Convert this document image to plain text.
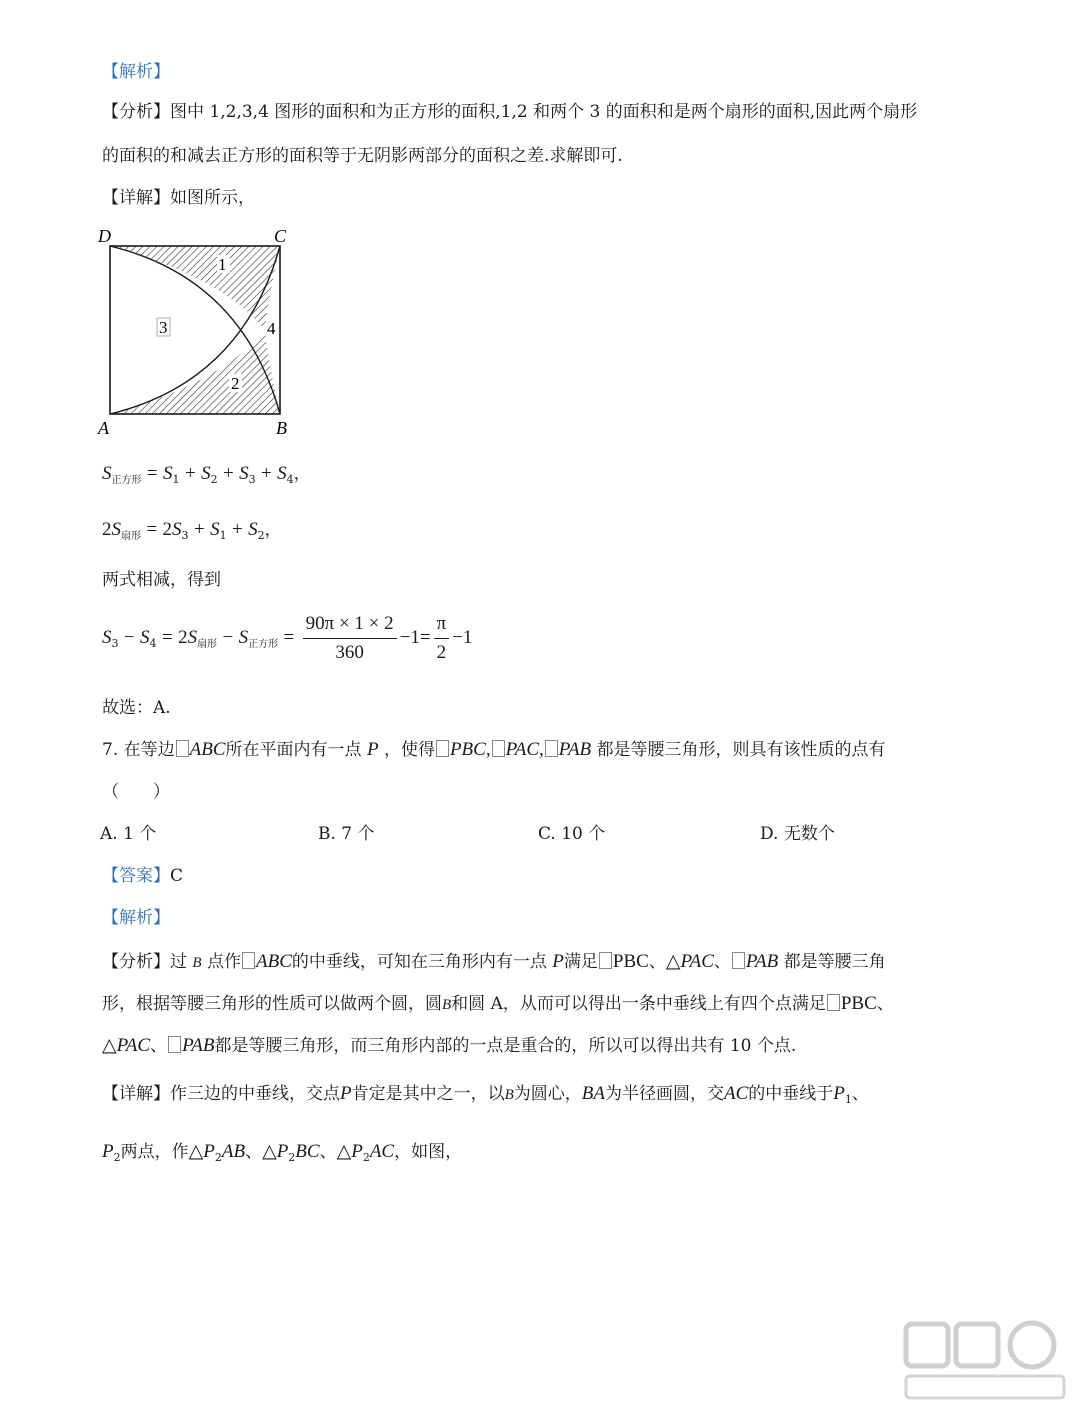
【解析】
【分析】图中 1,2,3,4 图形的面积和为正方形的面积,1,2 和两个 3 的面积和是两个扇形的面积,因此两个扇形
的面积的和减去正方形的面积等于无阴影两部分的面积之差.求解即可.
【详解】如图所示，
D	C
A	B
1
3	4
2
$S_{正方形} = S_1 + S_2 + S_3 + S_4$，
$2S_{扇形} = 2S_3 + S_1 + S_2$，
两式相减，得到
$S_3 - S_4 = 2S_{扇形} - S_{正方形} = \frac{90\pi \times 1 \times 2}{360} -1= \frac{\pi}{2} -1$
故选：A.
7. 在等边 ABC所在平面内有一点 P ，使得 PBC, PAC, PAB 都是等腰三角形，则具有该性质的点有
（　　）
A. 1 个	B. 7 个	C. 10 个	D. 无数个
【答案】C
【解析】
【分析】过 B 点作 ABC的中垂线，可知在三角形内有一点 P满足 PBC、△PAC、 PAB 都是等腰三角
形，根据等腰三角形的性质可以做两个圆，圆B和圆 A，从而可以得出一条中垂线上有四个点满足 PBC、
△PAC、 PAB都是等腰三角形，而三角形内部的一点是重合的，所以可以得出共有 10 个点.
【详解】作三边的中垂线，交点P肯定是其中之一，以B为圆心，BA为半径画圆，交AC的中垂线于$P_1$、
$P_2$两点，作$\triangle P_2AB$、$\triangle P_2BC$、$\triangle P_2AC$，如图，
